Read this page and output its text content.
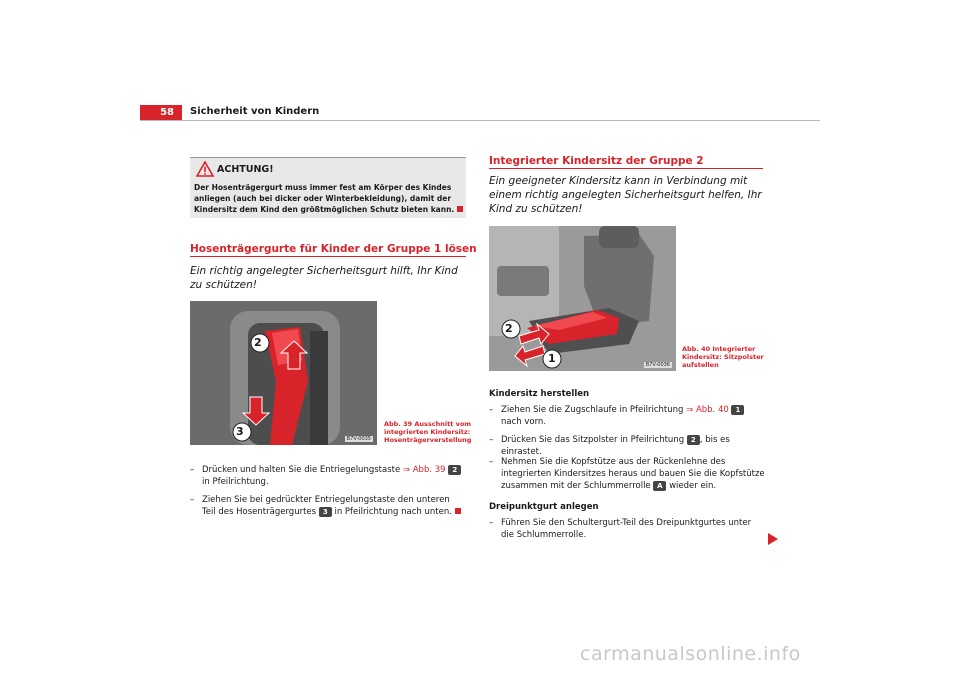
58	Sicherheit von Kindern
ACHTUNG!
Der Hosenträgergurt muss immer fest am Körper des Kindes anliegen (auch bei dicker oder Winterbekleidung), damit der Kindersitz dem Kind den größtmöglichen Schutz bieten kann.
Hosenträgergurte für Kinder der Gruppe 1 lösen
Ein richtig angelegter Sicherheitsgurt hilft, Ihr Kind zu schützen!
2
3
B7V-0035
Abb. 39 Ausschnitt vom
integrierten Kindersitz:
Hosenträgerverstellung
– Drücken und halten Sie die Entriegelungstaste ⇒ Abb. 39 2 in Pfeilrichtung.
– Ziehen Sie bei gedrückter Entriegelungstaste den unteren Teil des Hosenträgergurtes 3 in Pfeilrichtung nach unten.
Integrierter Kindersitz der Gruppe 2
Ein geeigneter Kindersitz kann in Verbindung mit einem richtig angelegten Sicherheitsgurt helfen, Ihr Kind zu schützen!
2
1	B7V-0036
Abb. 40 Integrierter
Kindersitz: Sitzpolster
aufstellen
Kindersitz herstellen
– Ziehen Sie die Zugschlaufe in Pfeilrichtung ⇒ Abb. 40 1 nach vorn.
– Drücken Sie das Sitzpolster in Pfeilrichtung 2 , bis es einrastet.
– Nehmen Sie die Kopfstütze aus der Rückenlehne des integrierten Kindersitzes heraus und bauen Sie die Kopfstütze zusammen mit der Schlummerrolle A wieder ein.
Dreipunktgurt anlegen
– Führen Sie den Schultergurt-Teil des Dreipunktgurtes unter die Schlummerrolle.
carmanualsonline.info
